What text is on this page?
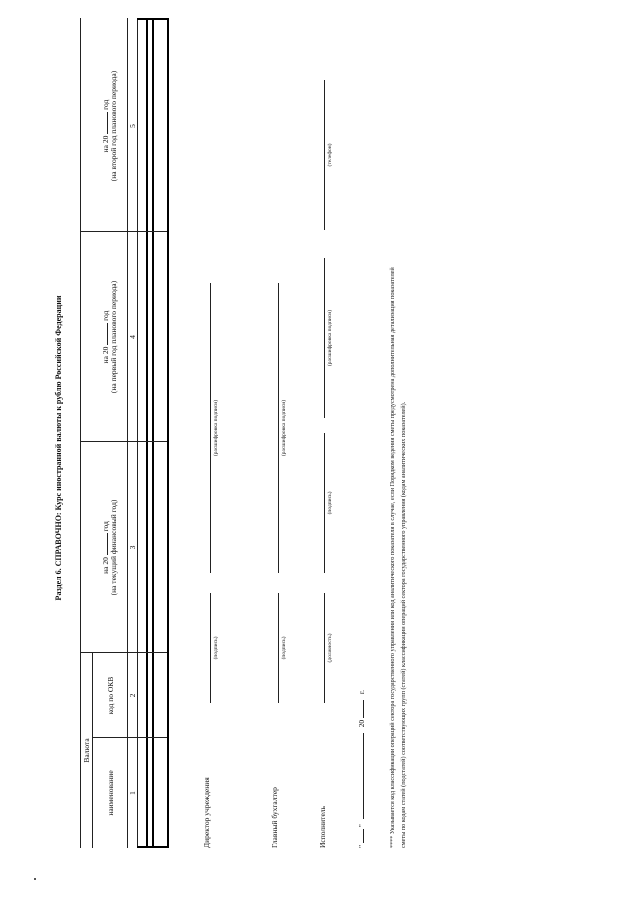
Раздел 6. СПРАВОЧНО: Курс иностранной валюты к рублю Российской Федерации
Валюта
наименование
код по ОКВ
на 20  год (на текущий финансовый год)
на 20  год (на первый год планового периода)
на 20  год (на второй год планового периода)
1
2
3
4
5
Директор учреждения
(подпись)
(расшифровка подписи)
Главный бухгалтер
(подпись)
(расшифровка подписи)
Исполнитель
(должность)
(подпись)
(расшифровка подписи)
(телефон)
"  "  20  г.	**** Указывается код классификации операций сектора государственного управления или код аналитического показателя в случае, если Порядком ведения сметы предусмотрена дополнительная детализация показателей сметы по кодам статей (подстатей) соответствующих групп (статей) классификации операций сектора государственного управления (кодам аналитических показателей).
